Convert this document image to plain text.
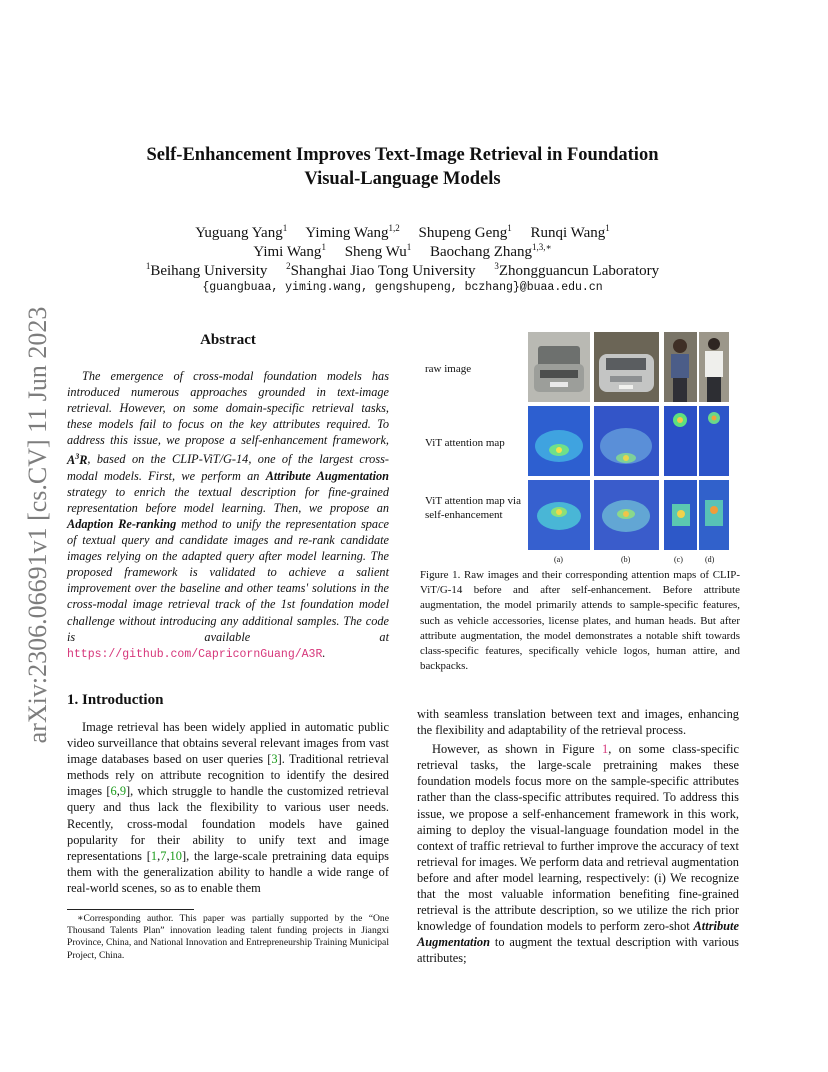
arXiv:2306.06691v1 [cs.CV] 11 Jun 2023
Self-Enhancement Improves Text-Image Retrieval in Foundation
Visual-Language Models
Yuguang Yang$^1$ Yiming Wang$^{1,2}$ Shupeng Geng$^1$ Runqi Wang$^1$
Yimi Wang$^1$ Sheng Wu$^1$ Baochang Zhang$^{1,3,∗}$
$^1$Beihang University $^2$Shanghai Jiao Tong University $^3$Zhongguancun Laboratory
{guangbuaa, yiming.wang, gengshupeng, bczhang}@buaa.edu.cn
Abstract
The emergence of cross-modal foundation models has introduced numerous approaches grounded in text-image retrieval. However, on some domain-specific retrieval tasks, these models fail to focus on the key attributes required. To address this issue, we propose a self-enhancement framework, $A^3R$, based on the CLIP-ViT/G-14, one of the largest cross-modal models. First, we perform an Attribute Augmentation strategy to enrich the textual description for fine-grained representation before model learning. Then, we propose an Adaption Re-ranking method to unify the representation space of textual query and candidate images and re-rank candidate images relying on the adapted query after model learning. The proposed framework is validated to achieve a salient improvement over the baseline and other teams' solutions in the cross-modal image retrieval track of the 1st foundation model challenge without introducing any additional samples. The code is available at https://github.com/CapricornGuang/A3R.
1. Introduction
Image retrieval has been widely applied in automatic public video surveillance that obtains several relevant images from vast image databases based on user queries [3]. Traditional retrieval methods rely on attribute recognition to identify the desired images [6,9], which struggle to handle the customized retrieval query and thus lack the flexibility to various user needs. Recently, cross-modal foundation models have gained popularity for their ability to unify text and image representations [1,7,10], the large-scale pretraining data equips them with the generalization ability to handle a wide range of real-world scenes, so as to enable them
∗Corresponding author. This paper was partially supported by the “One Thousand Talents Plan” innovation leading talent funding projects in Jiangxi Province, China, and National Innovation and Entrepreneurship Training Municipal Project, China.
raw image
ViT attention map
ViT attention map via self-enhancement
(a)	(b)	(c)	(d)
Figure 1. Raw images and their corresponding attention maps of CLIP-ViT/G-14 before and after self-enhancement. Before attribute augmentation, the model primarily attends to sample-specific features, such as vehicle accessories, license plates, and human heads. But after attribute augmentation, the model demonstrates a notable shift towards class-specific features, specifically vehicle logos, human attire, and backpacks.

with seamless translation between text and images, enhancing the flexibility and adaptability of the retrieval process.

However, as shown in Figure 1, on some class-specific retrieval tasks, the large-scale pretraining makes these foundation models focus more on the sample-specific attributes rather than the class-specific attributes required. To address this issue, we propose a self-enhancement framework in this work, aiming to deploy the visual-language foundation model in the context of traffic retrieval to further improve the accuracy of text retrieval for images. We perform data and retrieval augmentation before and after model learning, respectively: (i) We recognize that the most valuable information benefiting fine-grained retrieval is the attribute description, so we utilize the rich prior knowledge of foundation models to perform zero-shot Attribute Augmentation to augment the textual description with various attributes;
